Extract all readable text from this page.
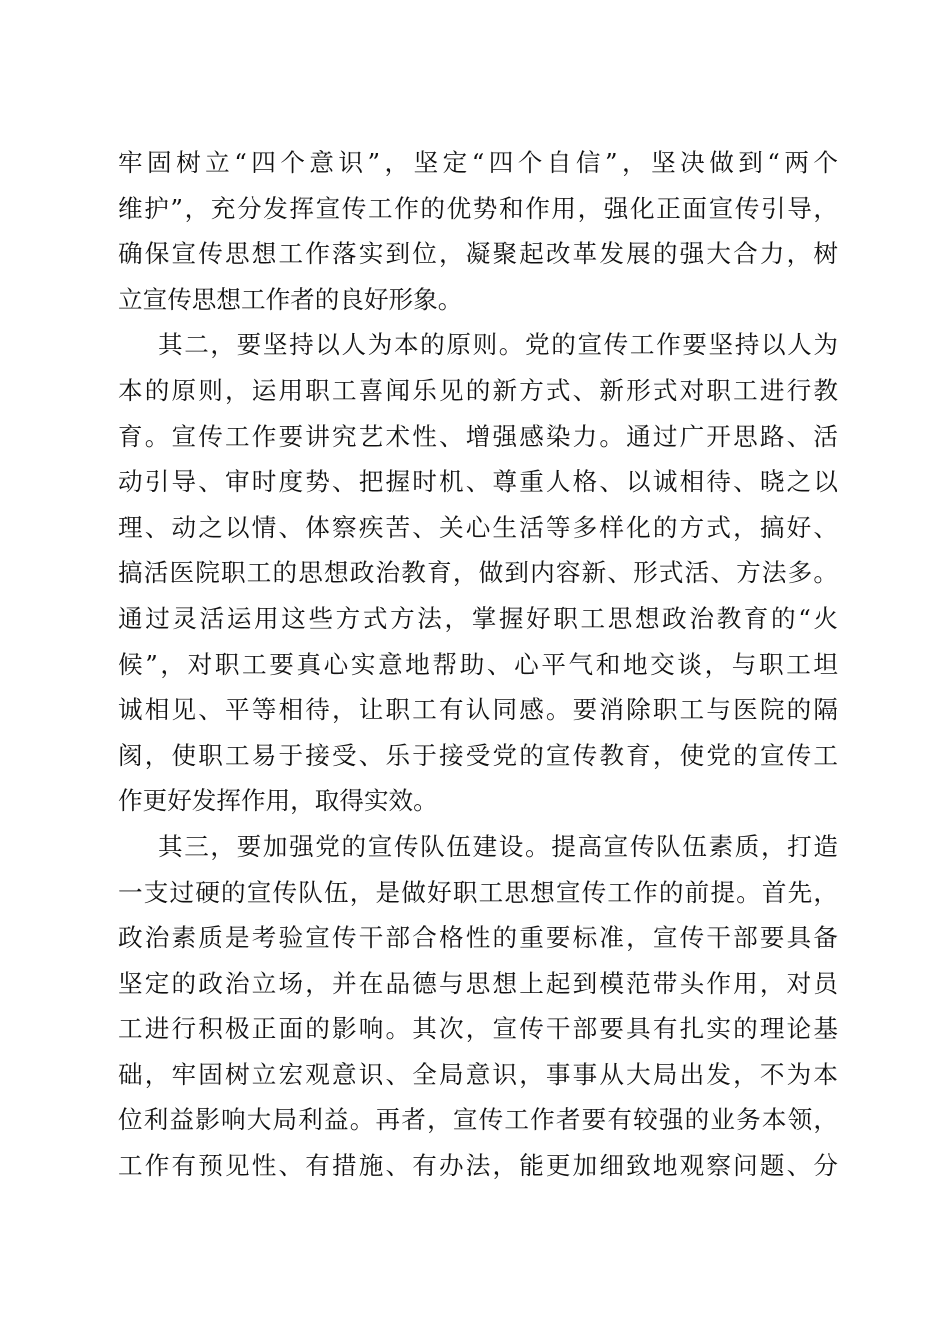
牢固树立“四个意识”，坚定“四个自信”，坚决做到“两个
维护”，充分发挥宣传工作的优势和作用，强化正面宣传引导，
确保宣传思想工作落实到位，凝聚起改革发展的强大合力，树
立宣传思想工作者的良好形象。
其二，要坚持以人为本的原则。党的宣传工作要坚持以人为
本的原则，运用职工喜闻乐见的新方式、新形式对职工进行教
育。宣传工作要讲究艺术性、增强感染力。通过广开思路、活
动引导、审时度势、把握时机、尊重人格、以诚相待、晓之以
理、动之以情、体察疾苦、关心生活等多样化的方式，搞好、
搞活医院职工的思想政治教育，做到内容新、形式活、方法多。
通过灵活运用这些方式方法，掌握好职工思想政治教育的“火
候”，对职工要真心实意地帮助、心平气和地交谈，与职工坦
诚相见、平等相待，让职工有认同感。要消除职工与医院的隔
阂，使职工易于接受、乐于接受党的宣传教育，使党的宣传工
作更好发挥作用，取得实效。
其三，要加强党的宣传队伍建设。提高宣传队伍素质，打造
一支过硬的宣传队伍，是做好职工思想宣传工作的前提。首先，
政治素质是考验宣传干部合格性的重要标准，宣传干部要具备
坚定的政治立场，并在品德与思想上起到模范带头作用，对员
工进行积极正面的影响。其次，宣传干部要具有扎实的理论基
础，牢固树立宏观意识、全局意识，事事从大局出发，不为本
位利益影响大局利益。再者，宣传工作者要有较强的业务本领，
工作有预见性、有措施、有办法，能更加细致地观察问题、分
